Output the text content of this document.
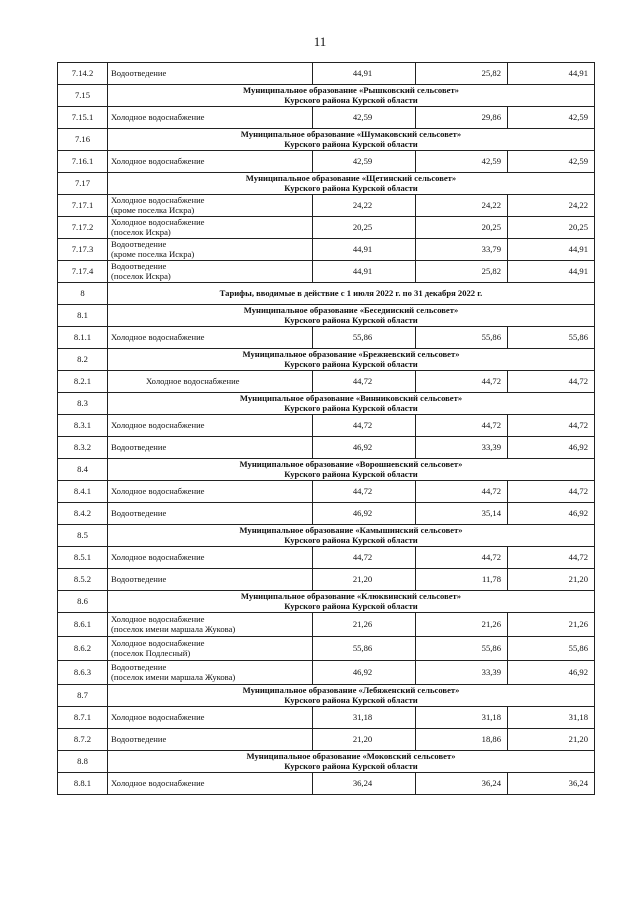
11
7.14.2	Водоотведение	44,91	25,82	44,91
7.15	Муниципальное образование «Рышковский сельсовет»
Курского района Курской области			
7.15.1	Холодное водоснабжение	42,59	29,86	42,59
7.16	Муниципальное образование «Шумаковский сельсовет»
Курского района Курской области			
7.16.1	Холодное водоснабжение	42,59	42,59	42,59
7.17	Муниципальное образование «Щетинский сельсовет»
Курского района Курской области			
7.17.1	Холодное водоснабжение
(кроме поселка Искра)	24,22	24,22	24,22
7.17.2	Холодное водоснабжение
(поселок Искра)	20,25	20,25	20,25
7.17.3	Водоотведение
(кроме поселка Искра)	44,91	33,79	44,91
7.17.4	Водоотведение
(поселок Искра)	44,91	25,82	44,91
8	Тарифы, вводимые в действие с 1 июля 2022 г. по 31 декабря 2022 г.			
8.1	Муниципальное образование «Беседииский сельсовет»
Курского района Курской области			
8.1.1	Холодное водоснабжение	55,86	55,86	55,86
8.2	Муниципальное образование «Брежневский сельсовет»
Курского района Курской области			
8.2.1	Холодное водоснабжение	44,72	44,72	44,72
8.3	Муниципальное образование «Винниковский сельсовет»
Курского района Курской области			
8.3.1	Холодное водоснабжение	44,72	44,72	44,72
8.3.2	Водоотведение	46,92	33,39	46,92
8.4	Муниципальное образование «Ворошневский сельсовет»
Курского района Курской области			
8.4.1	Холодное водоснабжение	44,72	44,72	44,72
8.4.2	Водоотведение	46,92	35,14	46,92
8.5	Муниципальное образование «Камышинский сельсовет»
Курского района Курской области			
8.5.1	Холодное водоснабжение	44,72	44,72	44,72
8.5.2	Водоотведение	21,20	11,78	21,20
8.6	Муниципальное образование «Клюквинский сельсовет»
Курского района Курской области			
8.6.1	Холодное водоснабжение
(поселок имени маршала Жукова)	21,26	21,26	21,26
8.6.2	Холодное водоснабжение
(поселок Подлесный)	55,86	55,86	55,86
8.6.3	Водоотведение
(поселок имени маршала Жукова)	46,92	33,39	46,92
8.7	Муниципальное образование «Лебяженский сельсовет»
Курского района Курской области			
8.7.1	Холодное водоснабжение	31,18	31,18	31,18
8.7.2	Водоотведение	21,20	18,86	21,20
8.8	Муниципальное образование «Моковский сельсовет»
Курского района Курской области			
8.8.1	Холодное водоснабжение	36,24	36,24	36,24
